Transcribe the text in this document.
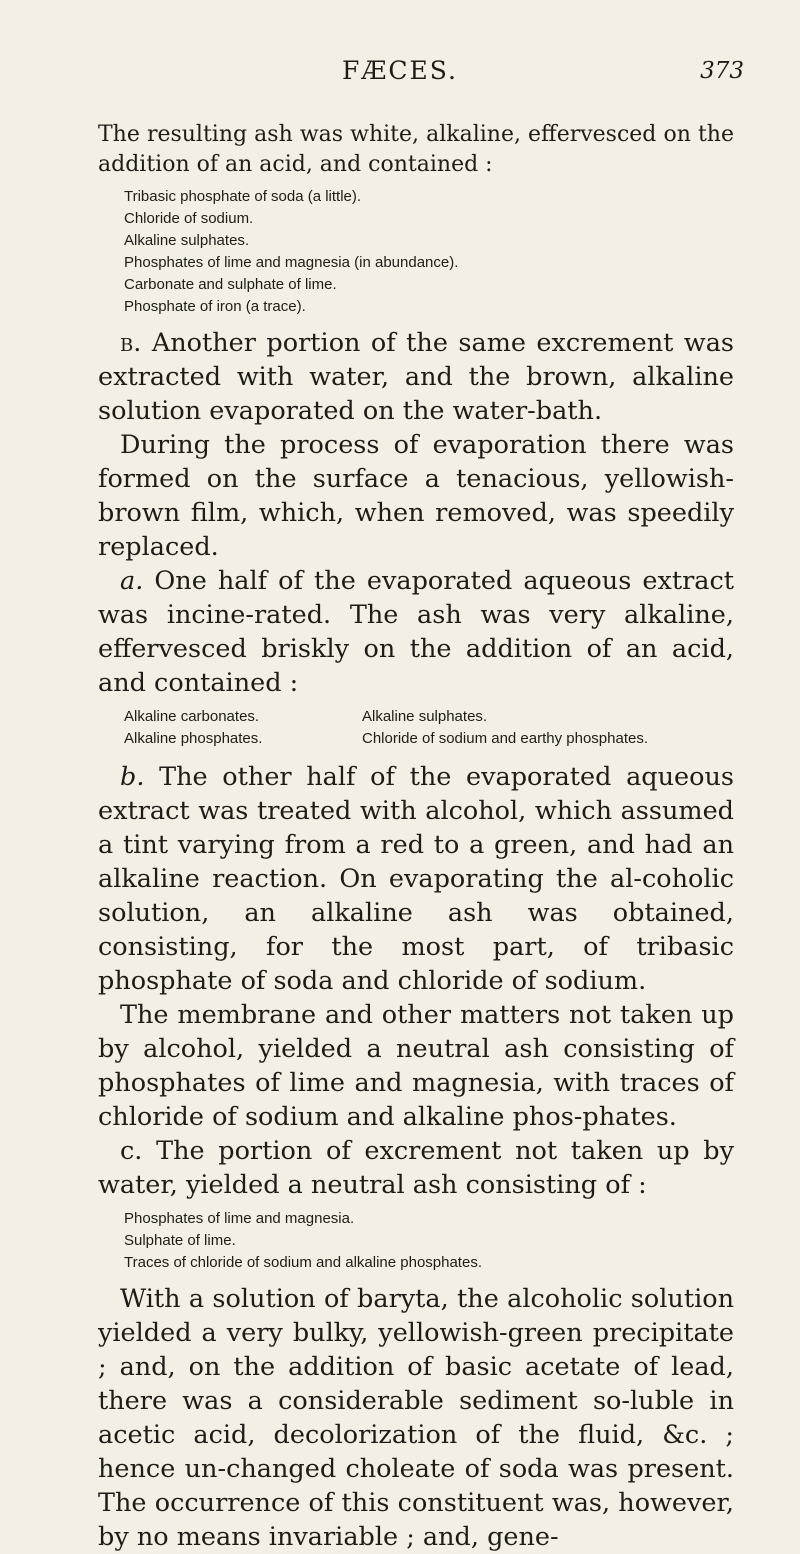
FÆCES.	373

The resulting ash was white, alkaline, effervesced on the addition of an acid, and contained :

Tribasic phosphate of soda (a little).
Chloride of sodium.
Alkaline sulphates.
Phosphates of lime and magnesia (in abundance).
Carbonate and sulphate of lime.
Phosphate of iron (a trace).

b. Another portion of the same excrement was extracted with water, and the brown, alkaline solution evaporated on the water-bath.

During the process of evaporation there was formed on the surface a tenacious, yellowish-brown film, which, when removed, was speedily replaced.

a. One half of the evaporated aqueous extract was incine-rated. The ash was very alkaline, effervesced briskly on the addition of an acid, and contained :

Alkaline carbonates.	Alkaline sulphates.
Alkaline phosphates.	Chloride of sodium and earthy phosphates.

b. The other half of the evaporated aqueous extract was treated with alcohol, which assumed a tint varying from a red to a green, and had an alkaline reaction. On evaporating the al-coholic solution, an alkaline ash was obtained, consisting, for the most part, of tribasic phosphate of soda and chloride of sodium.

The membrane and other matters not taken up by alcohol, yielded a neutral ash consisting of phosphates of lime and magnesia, with traces of chloride of sodium and alkaline phos-phates.

c. The portion of excrement not taken up by water, yielded a neutral ash consisting of :

Phosphates of lime and magnesia.
Sulphate of lime.
Traces of chloride of sodium and alkaline phosphates.

With a solution of baryta, the alcoholic solution yielded a very bulky, yellowish-green precipitate ; and, on the addition of basic acetate of lead, there was a considerable sediment so-luble in acetic acid, decolorization of the fluid, &c. ; hence un-changed choleate of soda was present. The occurrence of this constituent was, however, by no means invariable ; and, gene-
